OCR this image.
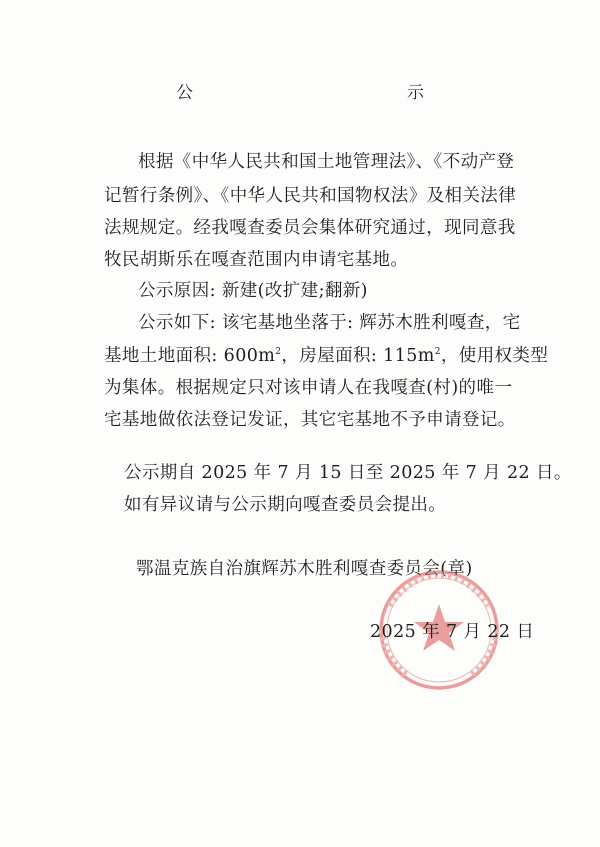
公　　示
根据《中华人民共和国土地管理法》、《不动产登
记暂行条例》、《中华人民共和国物权法》及相关法律
法规规定。经我嘎查委员会集体研究通过，现同意我
牧民胡斯乐在嘎查范围内申请宅基地。
公示原因: 新建(改扩建;翻新)
公示如下: 该宅基地坐落于: 辉苏木胜利嘎查，宅
基地土地面积: $600m^2$，房屋面积: $115m^2$，使用权类型
为集体。根据规定只对该申请人在我嘎查(村)的唯一
宅基地做依法登记发证，其它宅基地不予申请登记。
公示期自 2025 年 7 月 15 日至 2025 年 7 月 22 日。
如有异议请与公示期向嘎查委员会提出。
鄂温克族自治旗辉苏木胜利嘎查委员会(章)
2025 年 7 月 22 日
